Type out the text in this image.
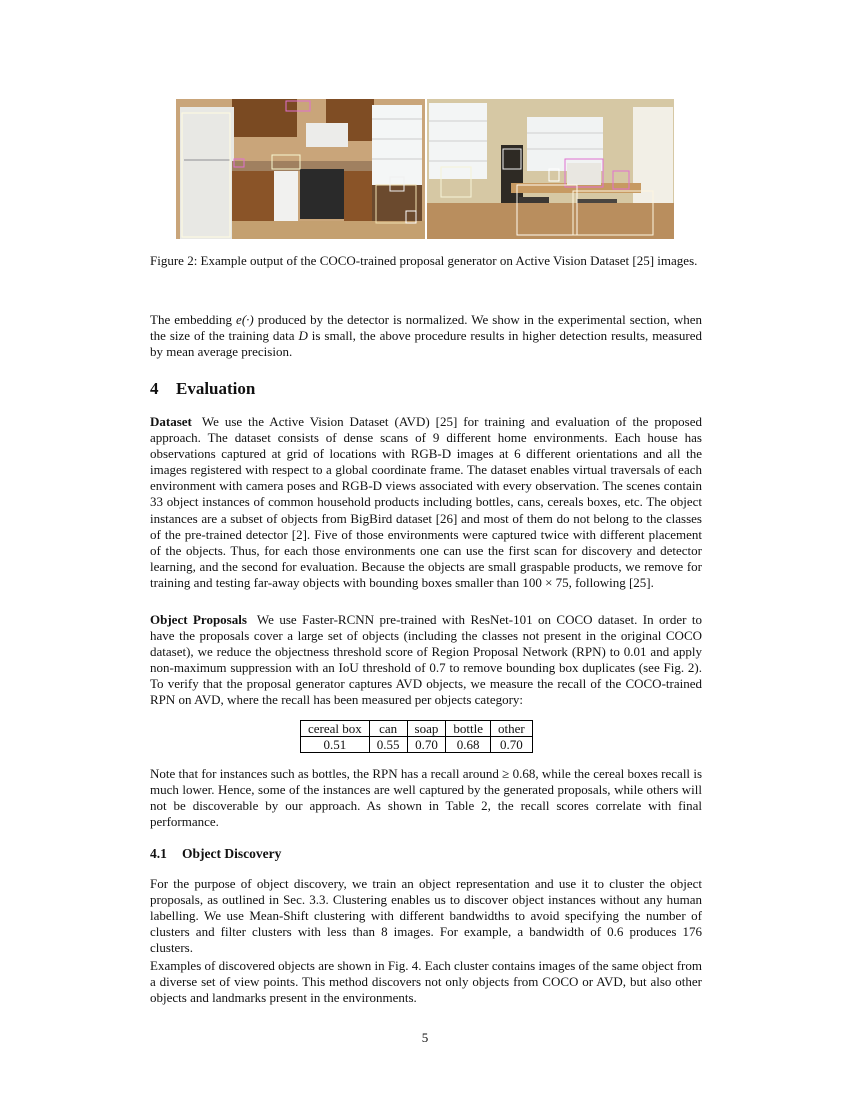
Figure 2: Example output of the COCO-trained proposal generator on Active Vision Dataset [25] images.

The embedding e(·) produced by the detector is normalized. We show in the experimental section, when the size of the training data D is small, the above procedure results in higher detection results, measured by mean average precision.

4 Evaluation

Dataset We use the Active Vision Dataset (AVD) [25] for training and evaluation of the proposed approach. The dataset consists of dense scans of 9 different home environments. Each house has observations captured at grid of locations with RGB-D images at 6 different orientations and all the images registered with respect to a global coordinate frame. The dataset enables virtual traversals of each environment with camera poses and RGB-D views associated with every observation. The scenes contain 33 object instances of common household products including bottles, cans, cereals boxes, etc. The object instances are a subset of objects from BigBird dataset [26] and most of them do not belong to the classes of the pre-trained detector [2]. Five of those environments were captured twice with different placement of the objects. Thus, for each those environments one can use the first scan for discovery and detector learning, and the second for evaluation. Because the objects are small graspable products, we remove for training and testing far-away objects with bounding boxes smaller than 100 × 75, following [25].

Object Proposals We use Faster-RCNN pre-trained with ResNet-101 on COCO dataset. In order to have the proposals cover a large set of objects (including the classes not present in the original COCO dataset), we reduce the objectness threshold score of Region Proposal Network (RPN) to 0.01 and apply non-maximum suppression with an IoU threshold of 0.7 to remove bounding box duplicates (see Fig. 2). To verify that the proposal generator captures AVD objects, we measure the recall of the COCO-trained RPN on AVD, where the recall has been measured per objects category:

cereal box	can	soap	bottle	other
0.51	0.55	0.70	0.68	0.70

Note that for instances such as bottles, the RPN has a recall around ≥ 0.68, while the cereal boxes recall is much lower. Hence, some of the instances are well captured by the generated proposals, while others will not be discoverable by our approach. As shown in Table 2, the recall scores correlate with final performance.

4.1 Object Discovery

For the purpose of object discovery, we train an object representation and use it to cluster the object proposals, as outlined in Sec. 3.3. Clustering enables us to discover object instances without any human labelling. We use Mean-Shift clustering with different bandwidths to avoid specifying the number of clusters and filter clusters with less than 8 images. For example, a bandwidth of 0.6 produces 176 clusters.

Examples of discovered objects are shown in Fig. 4. Each cluster contains images of the same object from a diverse set of view points. This method discovers not only objects from COCO or AVD, but also other objects and landmarks present in the environments.

5
